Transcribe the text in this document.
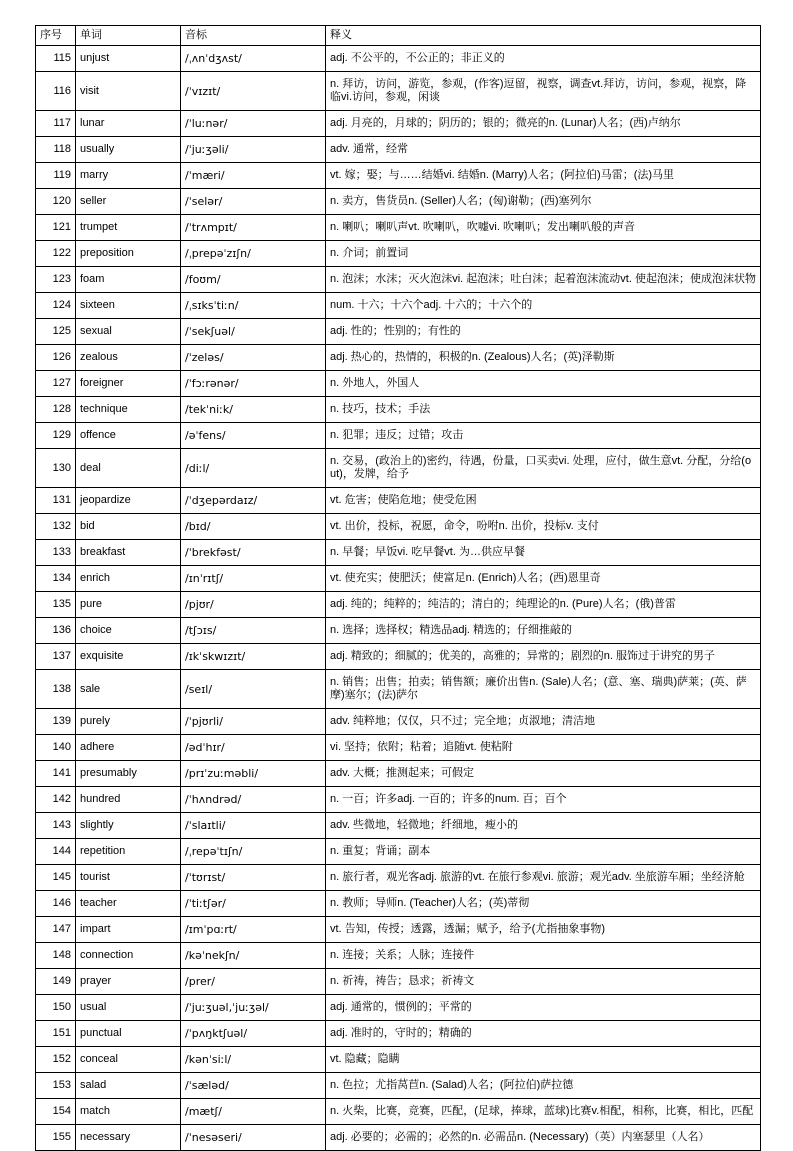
序号	单词	音标	释义
115	unjust	/ˌʌnˈdʒʌst/	adj. 不公平的，不公正的；非正义的
116	visit	/ˈvɪzɪt/	n. 拜访，访问，游览，参观，(作客)逗留，视察，调查vt.拜访，访问，参观，视察，降临vi.访问，参观，闲谈
117	lunar	/ˈluːnər/	adj. 月亮的，月球的；阴历的；银的；微亮的n. (Lunar)人名；(西)卢纳尔
118	usually	/ˈjuːʒəli/	adv. 通常，经常
119	marry	/ˈmæri/	vt. 嫁；娶；与……结婚vi. 结婚n. (Marry)人名；(阿拉伯)马雷；(法)马里
120	seller	/ˈselər/	n. 卖方，售货员n. (Seller)人名；(匈)谢勒；(西)塞列尔
121	trumpet	/ˈtrʌmpɪt/	n. 喇叭；喇叭声vt. 吹喇叭，吹嘘vi. 吹喇叭；发出喇叭般的声音
122	preposition	/ˌprepəˈzɪʃn/	n. 介词；前置词
123	foam	/foʊm/	n. 泡沫；水沫；灭火泡沫vi. 起泡沫；吐白沫；起着泡沫流动vt. 使起泡沫；使成泡沫状物
124	sixteen	/ˌsɪksˈtiːn/	num. 十六；十六个adj. 十六的；十六个的
125	sexual	/ˈsekʃuəl/	adj. 性的；性别的；有性的
126	zealous	/ˈzeləs/	adj. 热心的，热情的，积极的n. (Zealous)人名；(英)泽勒斯
127	foreigner	/ˈfɔːrənər/	n. 外地人，外国人
128	technique	/tekˈniːk/	n. 技巧，技术；手法
129	offence	/əˈfens/	n. 犯罪；违反；过错；攻击
130	deal	/diːl/	n. 交易，(政治上的)密约，待遇，份量，口买卖vi. 处理，应付，做生意vt. 分配，分给(out)，发牌，给予
131	jeopardize	/ˈdʒepərdaɪz/	vt. 危害；使陷危地；使受危困
132	bid	/bɪd/	vt. 出价，投标，祝愿，命令，吩咐n. 出价，投标v. 支付
133	breakfast	/ˈbrekfəst/	n. 早餐；早饭vi. 吃早餐vt. 为…供应早餐
134	enrich	/ɪnˈrɪtʃ/	vt. 使充实；使肥沃；使富足n. (Enrich)人名；(西)恩里奇
135	pure	/pjʊr/	adj. 纯的；纯粹的；纯洁的；清白的；纯理论的n. (Pure)人名；(俄)普雷
136	choice	/tʃɔɪs/	n. 选择；选择权；精选品adj. 精选的；仔细推敲的
137	exquisite	/ɪkˈskwɪzɪt/	adj. 精致的；细腻的；优美的，高雅的；异常的；剧烈的n. 服饰过于讲究的男子
138	sale	/seɪl/	n. 销售；出售；拍卖；销售额；廉价出售n. (Sale)人名；(意、塞、瑞典)萨莱；(英、萨摩)塞尔；(法)萨尔
139	purely	/ˈpjʊrli/	adv. 纯粹地；仅仅，只不过；完全地；贞淑地；清洁地
140	adhere	/ədˈhɪr/	vi. 坚持；依附；粘着；追随vt. 使粘附
141	presumably	/prɪˈzuːməbli/	adv. 大概；推测起来；可假定
142	hundred	/ˈhʌndrəd/	n. 一百；许多adj. 一百的；许多的num. 百；百个
143	slightly	/ˈslaɪtli/	adv. 些微地，轻微地；纤细地，瘦小的
144	repetition	/ˌrepəˈtɪʃn/	n. 重复；背诵；副本
145	tourist	/ˈtʊrɪst/	n. 旅行者，观光客adj. 旅游的vt. 在旅行参观vi. 旅游；观光adv. 坐旅游车厢；坐经济舱
146	teacher	/ˈtiːtʃər/	n. 教师；导师n. (Teacher)人名；(英)蒂彻
147	impart	/ɪmˈpɑːrt/	vt. 告知，传授；透露，透漏；赋予，给予(尤指抽象事物)
148	connection	/kəˈnekʃn/	n. 连接；关系；人脉；连接件
149	prayer	/prer/	n. 祈祷，祷告；恳求；祈祷文
150	usual	/ˈjuːʒuəl,ˈjuːʒəl/	adj. 通常的，惯例的；平常的
151	punctual	/ˈpʌŋktʃuəl/	adj. 准时的，守时的；精确的
152	conceal	/kənˈsiːl/	vt. 隐藏；隐瞒
153	salad	/ˈsæləd/	n. 色拉；尤指莴苣n. (Salad)人名；(阿拉伯)萨拉德
154	match	/mætʃ/	n. 火柴，比赛，竞赛，匹配，(足球，捧球，蓝球)比赛v.相配，相称，比赛，相比，匹配
155	necessary	/ˈnesəseri/	adj. 必要的；必需的；必然的n. 必需品n. (Necessary)（英）内塞瑟里（人名）
